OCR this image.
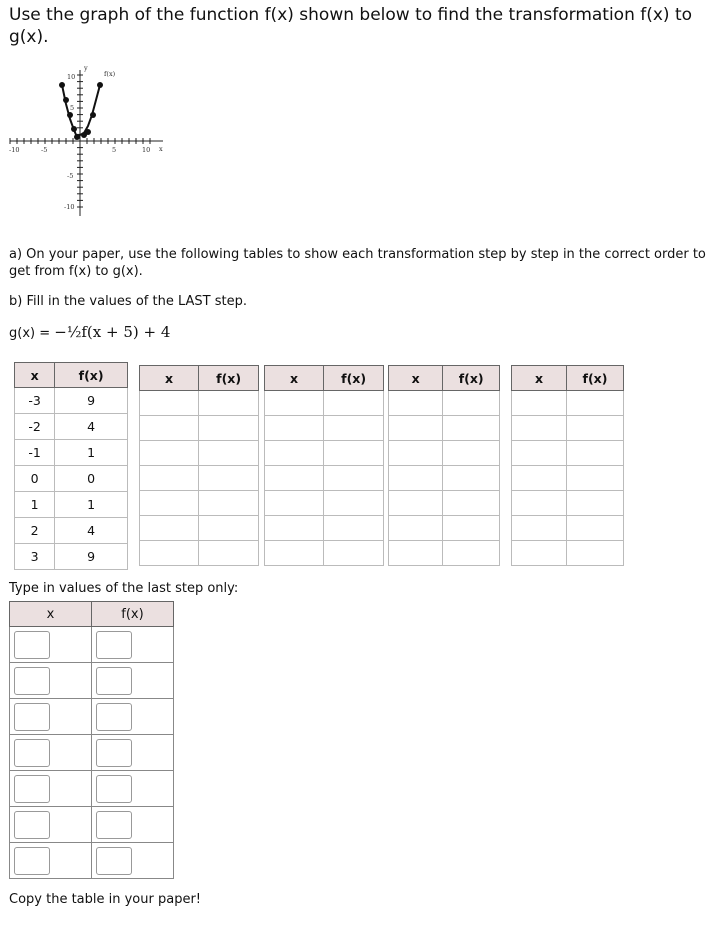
Use the graph of the function f(x) shown below to find the transformation f(x) to g(x).
f(x)
y
x
-10	-5	5	10
10
5
-5
-10
a) On your paper, use the following tables to show each transformation step by step in the correct order to get from f(x) to g(x).
b) Fill in the values of the LAST step.
g(x) = −½f(x + 5) + 4
x	f(x)
-3	9
-2	4
-1	1
0	0
1	1
2	4
3	9
x	f(x)

		x	f(x)

		x	f(x)

		x	f(x)

Type in values of the last step only:
x	f(x)

Copy the table in your paper!
